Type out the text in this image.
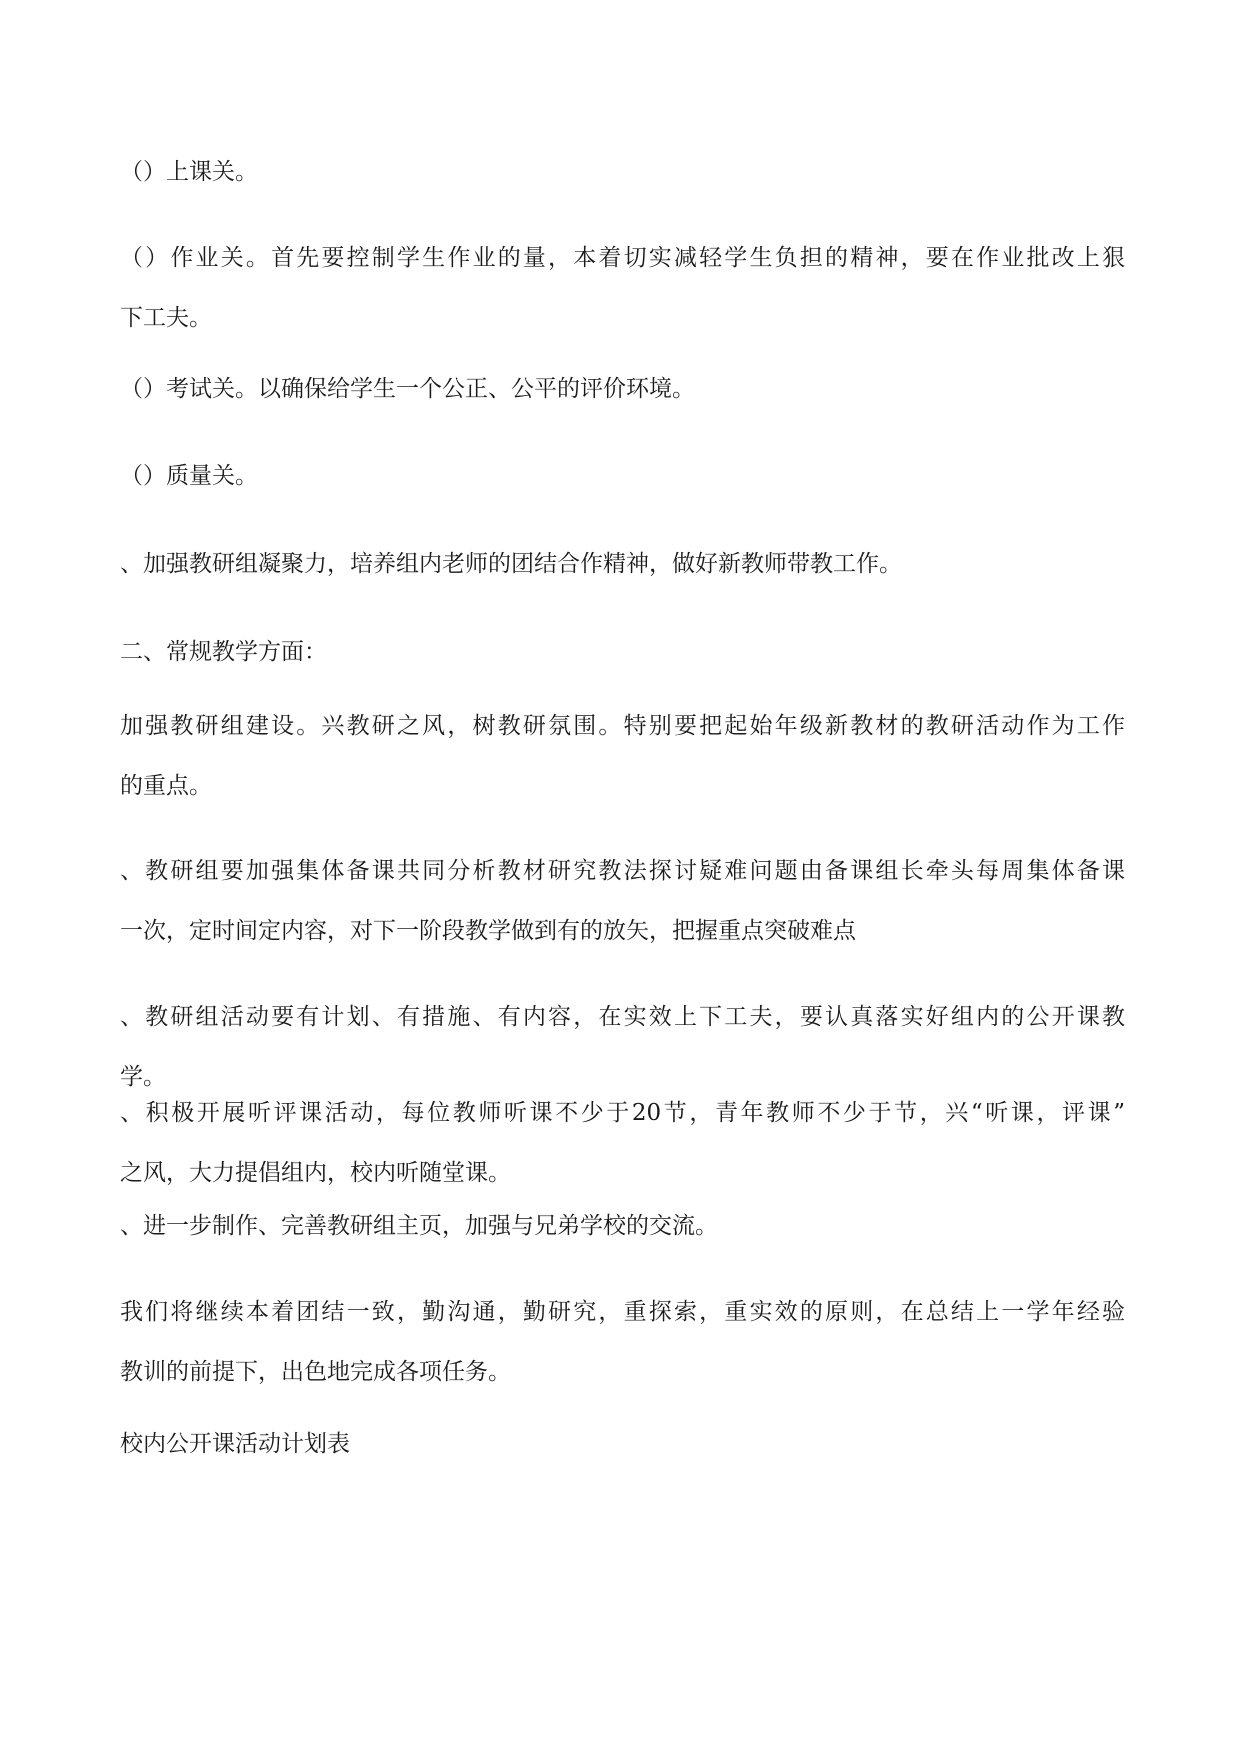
（）上课关。
（）作业关。首先要控制学生作业的量，本着切实减轻学生负担的精神，要在作业批改上狠
下工夫。
（）考试关。以确保给学生一个公正、公平的评价环境。
（）质量关。
、加强教研组凝聚力，培养组内老师的团结合作精神，做好新教师带教工作。
二、常规教学方面：
加强教研组建设。兴教研之风，树教研氛围。特别要把起始年级新教材的教研活动作为工作
的重点。
、教研组要加强集体备课共同分析教材研究教法探讨疑难问题由备课组长牵头每周集体备课
一次，定时间定内容，对下一阶段教学做到有的放矢，把握重点突破难点
、教研组活动要有计划、有措施、有内容，在实效上下工夫，要认真落实好组内的公开课教
学。
、积极开展听评课活动，每位教师听课不少于20节，青年教师不少于节，兴“听课，评课”
之风，大力提倡组内，校内听随堂课。
、进一步制作、完善教研组主页，加强与兄弟学校的交流。
我们将继续本着团结一致，勤沟通，勤研究，重探索，重实效的原则，在总结上一学年经验
教训的前提下，出色地完成各项任务。
校内公开课活动计划表
